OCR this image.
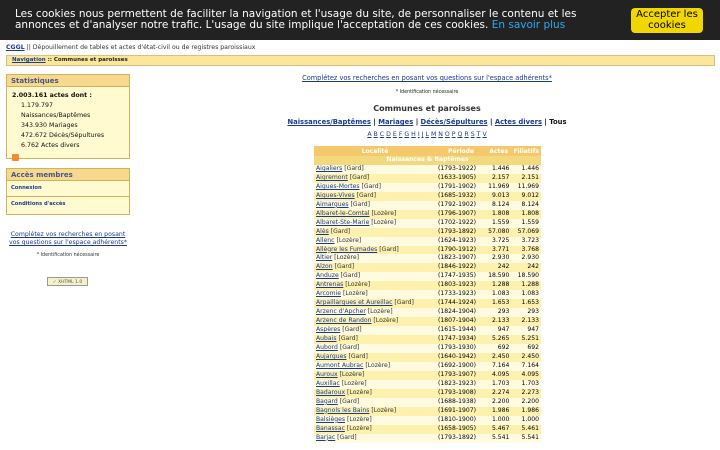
Les cookies nous permettent de faciliter la navigation et l'usage du site, de personnaliser le contenu et les annonces et d'analyser notre trafic. L'usage du site implique l'acceptation de ces cookies. En savoir plus
Accepter les cookies
CGGL || Dépouillement de tables et actes d'état-civil ou de registres paroissiaux
Navigation :: Communes et paroisses
Statistiques
2.003.161 actes dont :
1.179.797 Naissances/Baptêmes
343.930 Mariages
472.672 Décès/Sépultures
6.762 Actes divers
Accès membres
Connexion
Conditions d'accès
Complétez vos recherches en posant vos questions sur l'espace adhérents*
* Identification nécessaire
✓ XHTML 1.0
Complétez vos recherches en posant vos questions sur l'espace adhérents*
* Identification nécessaire
Communes et paroisses
Naissances/Baptêmes | Mariages | Décès/Sépultures | Actes divers | Tous
A B C D E F G H I J L M N O P Q R S T V
Localité	Période	Actes	Filiatifs
Naissances & Baptêmes			
Aigaliers [Gard]	(1793-1922)	1.446	1.446
Aigremont [Gard]	(1633-1905)	2.157	2.151
Aigues-Mortes [Gard]	(1791-1902)	11.969	11.969
Aigues-Vives [Gard]	(1685-1932)	9.013	9.012
Aimargues [Gard]	(1792-1902)	8.124	8.124
Albaret-le-Comtal [Lozère]	(1796-1907)	1.808	1.808
Albaret-Ste-Marie [Lozère]	(1702-1922)	1.559	1.559
Alès [Gard]	(1793-1892)	57.080	57.069
Allenc [Lozère]	(1624-1923)	3.725	3.723
Allègre les Fumades [Gard]	(1790-1912)	3.771	3.768
Altier [Lozère]	(1823-1907)	2.930	2.930
Alzon [Gard]	(1846-1922)	242	242
Anduze [Gard]	(1747-1935)	18.590	18.590
Antrenas [Lozère]	(1803-1923)	1.288	1.288
Arcomie [Lozère]	(1733-1923)	1.083	1.083
Arpaillargues et Aureillac [Gard]	(1744-1924)	1.653	1.653
Arzenc d'Apcher [Lozère]	(1824-1904)	293	293
Arzenc de Randon [Lozère]	(1807-1904)	2.133	2.133
Aspères [Gard]	(1615-1944)	947	947
Aubais [Gard]	(1747-1934)	5.265	5.251
Aubord [Gard]	(1793-1930)	692	692
Aujargues [Gard]	(1640-1942)	2.450	2.450
Aumont Aubrac [Lozère]	(1692-1900)	7.164	7.164
Auroux [Lozère]	(1793-1907)	4.095	4.095
Auxillac [Lozère]	(1823-1923)	1.703	1.703
Badaroux [Lozère]	(1793-1908)	2.274	2.273
Bagard [Gard]	(1688-1938)	2.200	2.200
Bagnols les Bains [Lozère]	(1691-1907)	1.986	1.986
Balsièges [Lozère]	(1810-1900)	1.000	1.000
Banassac [Lozère]	(1658-1905)	5.467	5.461
Barjac [Gard]	(1793-1892)	5.541	5.541
